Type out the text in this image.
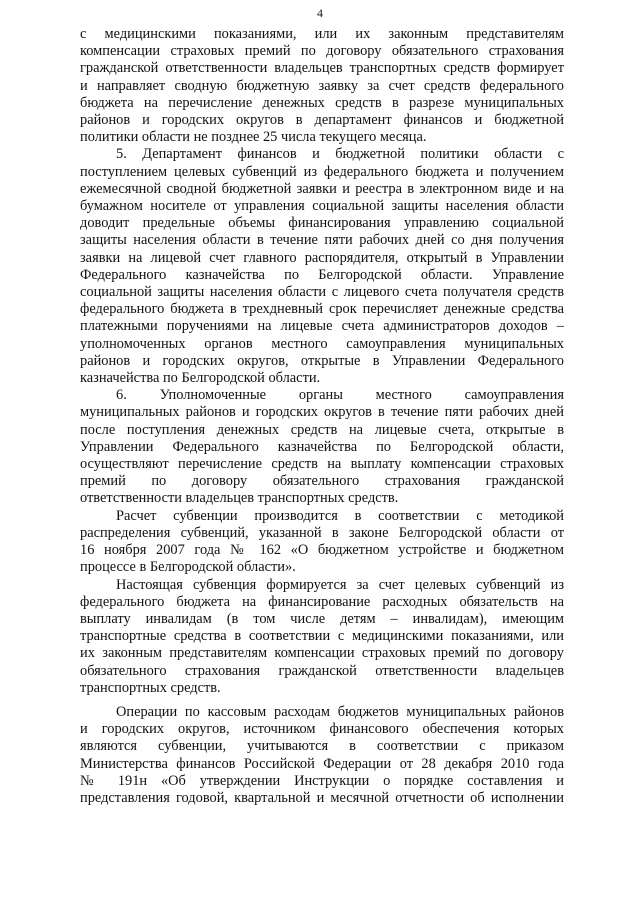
4
с медицинскими показаниями, или их законным представителям
компенсации страховых премий по договору обязательного страхования
гражданской ответственности владельцев транспортных средств формирует
и направляет сводную бюджетную заявку за счет средств федерального
бюджета на перечисление денежных средств в разрезе муниципальных
районов и городских округов в департамент финансов и бюджетной
политики области не позднее 25 числа текущего месяца.
5. Департамент финансов и бюджетной политики области с
поступлением целевых субвенций из федерального бюджета и получением
ежемесячной сводной бюджетной заявки и реестра в электронном виде и на
бумажном носителе от управления социальной защиты населения области
доводит предельные объемы финансирования управлению социальной
защиты населения области в течение пяти рабочих дней со дня получения
заявки на лицевой счет главного распорядителя, открытый в Управлении
Федерального казначейства по Белгородской области. Управление
социальной защиты населения области с лицевого счета получателя средств
федерального бюджета в трехдневный срок перечисляет денежные средства
платежными поручениями на лицевые счета администраторов доходов –
уполномоченных органов местного самоуправления муниципальных
районов и городских округов, открытые в Управлении Федерального
казначейства по Белгородской области.
6. Уполномоченные органы местного самоуправления
муниципальных районов и городских округов в течение пяти рабочих дней
после поступления денежных средств на лицевые счета, открытые в
Управлении Федерального казначейства по Белгородской области,
осуществляют перечисление средств на выплату компенсации страховых
премий по договору обязательного страхования гражданской
ответственности владельцев транспортных средств.
Расчет субвенции производится в соответствии с методикой
распределения субвенций, указанной в законе Белгородской области от
16 ноября 2007 года № 162 «О бюджетном устройстве и бюджетном
процессе в Белгородской области».
Настоящая субвенция формируется за счет целевых субвенций из
федерального бюджета на финансирование расходных обязательств на
выплату инвалидам (в том числе детям – инвалидам), имеющим
транспортные средства в соответствии с медицинскими показаниями, или
их законным представителям компенсации страховых премий по договору
обязательного страхования гражданской ответственности владельцев
транспортных средств.
Операции по кассовым расходам бюджетов муниципальных районов
и городских округов, источником финансового обеспечения которых
являются субвенции, учитываются в соответствии с приказом
Министерства финансов Российской Федерации от 28 декабря 2010 года
№ 191н «Об утверждении Инструкции о порядке составления и
представления годовой, квартальной и месячной отчетности об исполнении
